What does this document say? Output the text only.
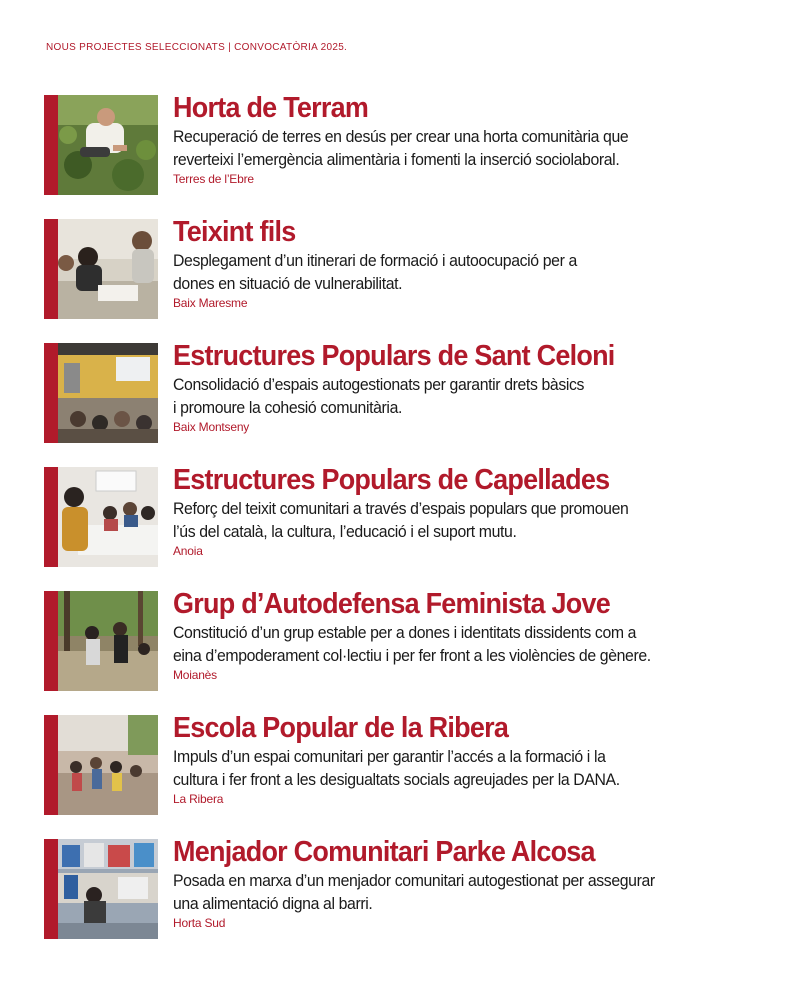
NOUS PROJECTES SELECCIONATS | CONVOCATÒRIA 2025.
Horta de Terram
Recuperació de terres en desús per crear una horta comunitària que
reverteixi l’emergència alimentària i fomenti la inserció sociolaboral.
Terres de l’Ebre
Teixint fils
Desplegament d’un itinerari de formació i autoocupació per a
dones en situació de vulnerabilitat.
Baix Maresme
Estructures Populars de Sant Celoni
Consolidació d’espais autogestionats per garantir drets bàsics
i promoure la cohesió comunitària.
Baix Montseny
Estructures Populars de Capellades
Reforç del teixit comunitari a través d’espais populars que promouen
l’ús del català, la cultura, l’educació i el suport mutu.
Anoia
Grup d’Autodefensa Feminista Jove
Constitució d’un grup estable per a dones i identitats dissidents com a
eina d’empoderament col·lectiu i per fer front a les violències de gènere.
Moianès
Escola Popular de la Ribera
Impuls d’un espai comunitari per garantir l’accés a la formació i la
cultura i fer front a les desigualtats socials agreujades per la DANA.
La Ribera
Menjador Comunitari Parke Alcosa
Posada en marxa d’un menjador comunitari autogestionat per assegurar
una alimentació digna al barri.
Horta Sud
